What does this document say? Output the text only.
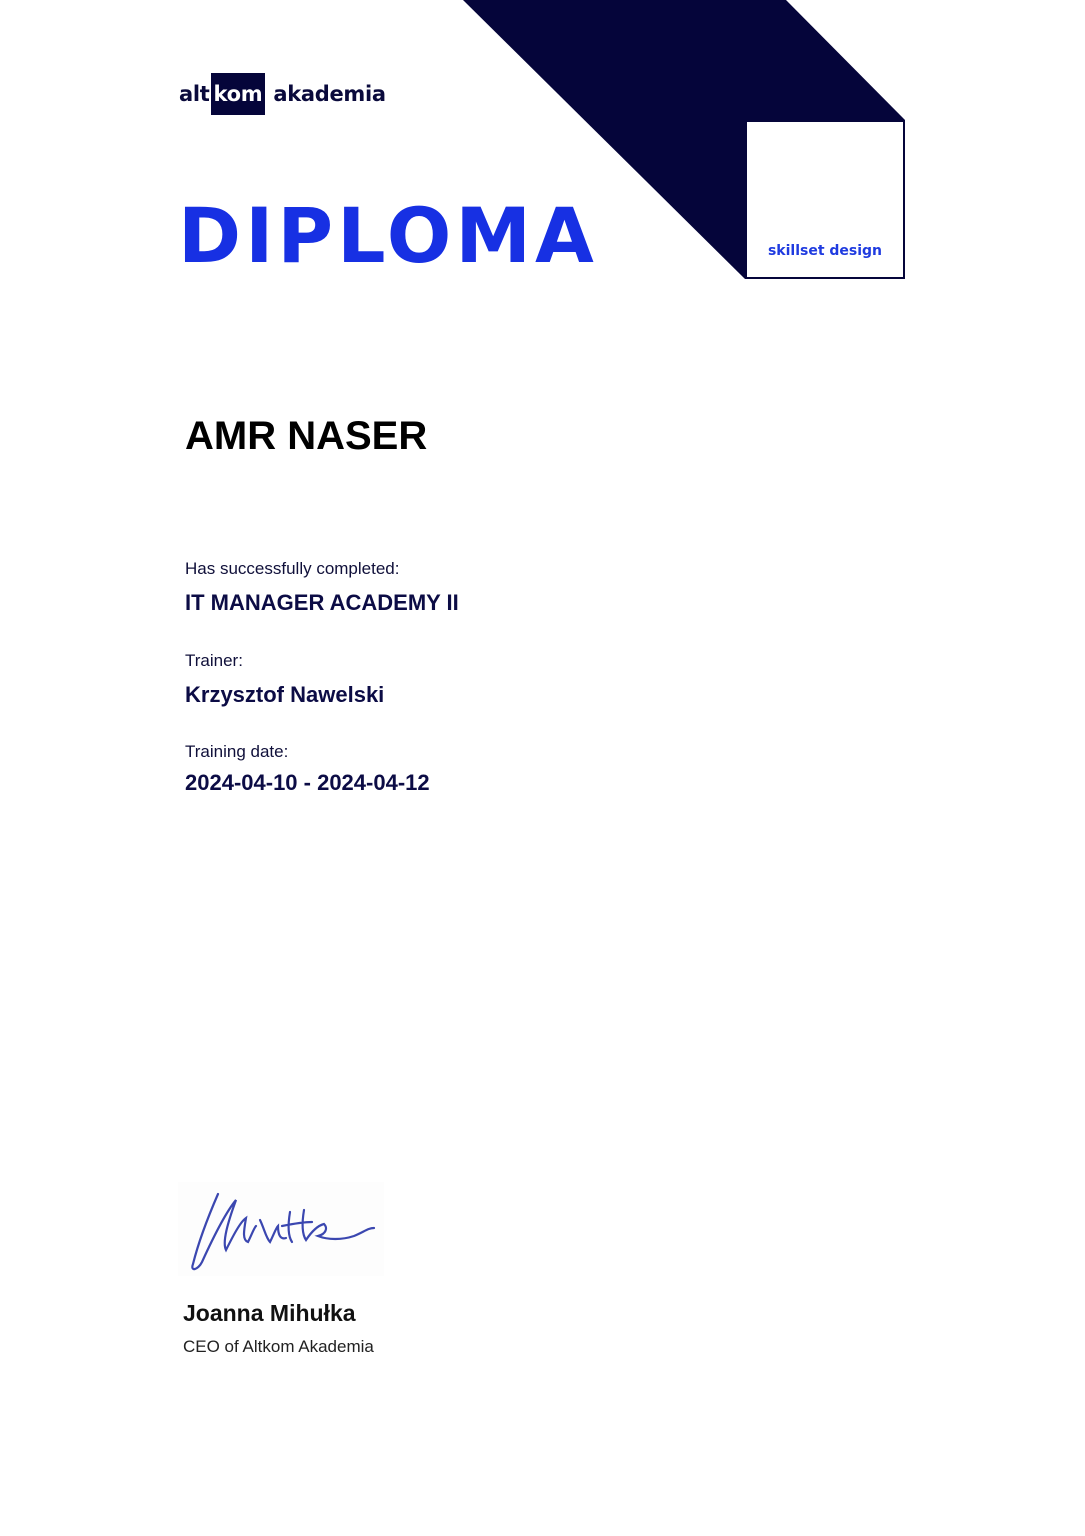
alt kom akademia
DIPLOMA	skillset design
AMR NASER
Has successfully completed:
IT MANAGER ACADEMY II
Trainer:
Krzysztof Nawelski
Training date:
2024-04-10 - 2024-04-12
Joanna Mihułka
CEO of Altkom Akademia
